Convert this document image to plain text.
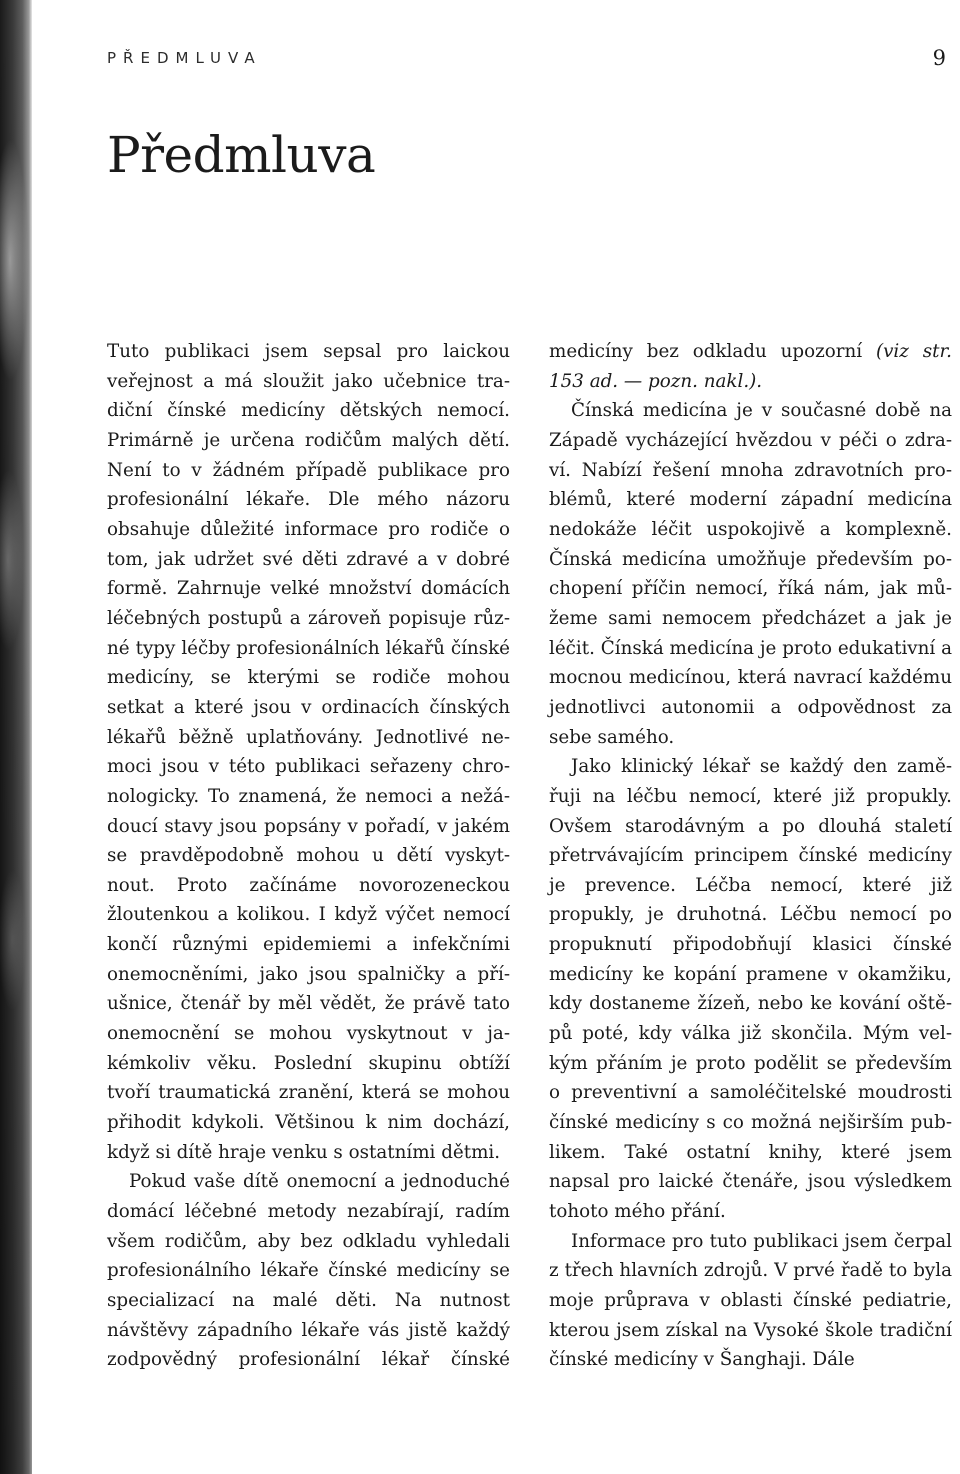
PŘEDMLUVA	9
Předmluva

Tuto publikaci jsem sepsal pro laickou veřejnost a má sloužit jako učebnice tradiční čínské medicíny dětských nemocí. Primárně je určena rodičům malých dětí. Není to v žádném případě publikace pro profesionální lékaře. Dle mého názoru obsahuje důležité informace pro rodiče o tom, jak udržet své děti zdravé a v dobré formě. Zahrnuje velké množství domácích léčebných postupů a zároveň popisuje různé typy léčby profesionálních lékařů čínské medicíny, se kterými se rodiče mohou setkat a které jsou v ordinacích čínských lékařů běžně uplatňovány. Jednotlivé nemoci jsou v této publikaci seřazeny chronologicky. To znamená, že nemoci a nežádoucí stavy jsou popsány v pořadí, v jakém se pravděpodobně mohou u dětí vyskytnout. Proto začínáme novorozeneckou žloutenkou a kolikou. I když výčet nemocí končí různými epidemiemi a infekčními onemocněními, jako jsou spalničky a příušnice, čtenář by měl vědět, že právě tato onemocnění se mohou vyskytnout v jakémkoliv věku. Poslední skupinu obtíží tvoří traumatická zranění, která se mohou přihodit kdykoli. Většinou k nim dochází, když si dítě hraje venku s ostatními dětmi.

Pokud vaše dítě onemocní a jednoduché domácí léčebné metody nezabírají, radím všem rodičům, aby bez odkladu vyhledali profesionálního lékaře čínské medicíny se specializací na malé děti. Na nutnost návštěvy západního lékaře vás jistě každý zodpovědný profesionální lékař čínské medicíny bez odkladu upozorní (viz str. 153 ad. — pozn. nakl.).

Čínská medicína je v současné době na Západě vycházející hvězdou v péči o zdraví. Nabízí řešení mnoha zdravotních problémů, které moderní západní medicína nedokáže léčit uspokojivě a komplexně. Čínská medicína umožňuje především pochopení příčin nemocí, říká nám, jak můžeme sami nemocem předcházet a jak je léčit. Čínská medicína je proto edukativní a mocnou medicínou, která navrací každému jednotlivci autonomii a odpovědnost za sebe samého.

Jako klinický lékař se každý den zaměřuji na léčbu nemocí, které již propukly. Ovšem starodávným a po dlouhá staletí přetrvávajícím principem čínské medicíny je prevence. Léčba nemocí, které již propukly, je druhotná. Léčbu nemocí po propuknutí připodobňují klasici čínské medicíny ke kopání pramene v okamžiku, kdy dostaneme žízeň, nebo ke kování oštěpů poté, kdy válka již skončila. Mým velkým přáním je proto podělit se především o preventivní a samoléčitelské moudrosti čínské medicíny s co možná nejširším publikem. Také ostatní knihy, které jsem napsal pro laické čtenáře, jsou výsledkem tohoto mého přání.

Informace pro tuto publikaci jsem čerpal z třech hlavních zdrojů. V prvé řadě to byla moje průprava v oblasti čínské pediatrie, kterou jsem získal na Vysoké škole tradiční čínské medicíny v Šanghaji. Dále
